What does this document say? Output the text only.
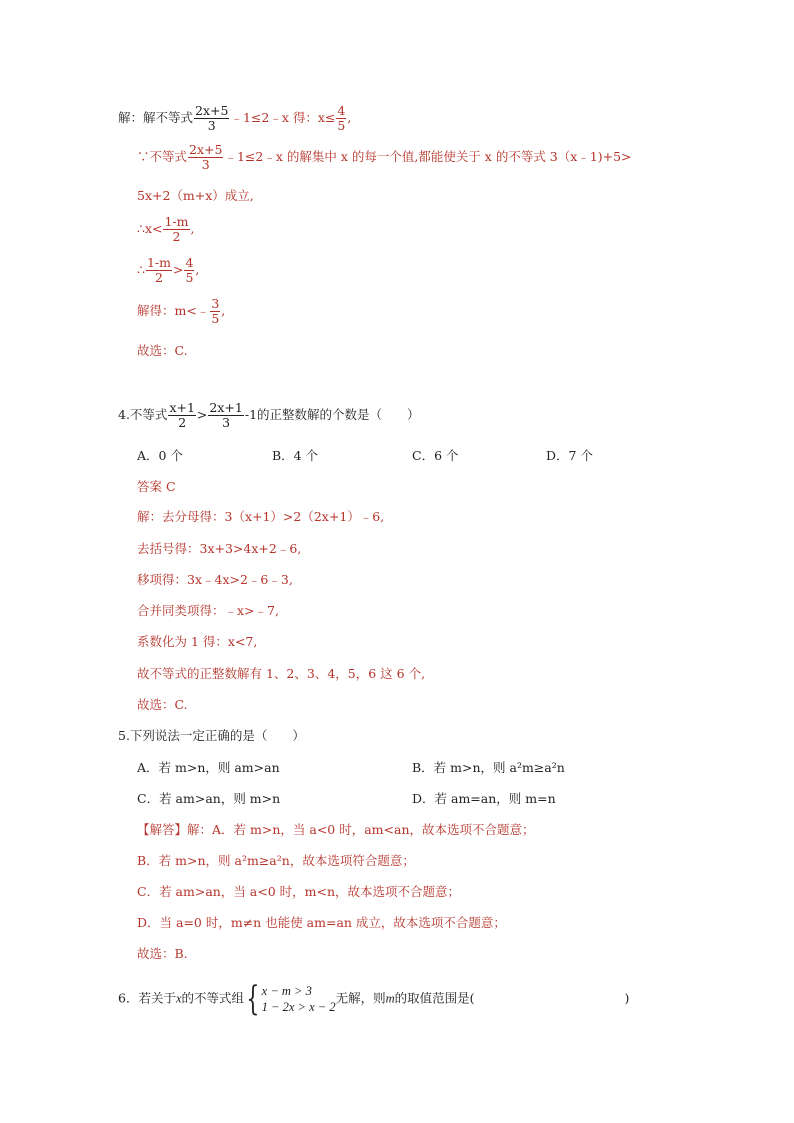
解：解不等式 $\frac{2x+5}{3}$ ﹣1≤2﹣x 得：$x\le \frac{4}{5}$ ,
∵不等式 $\frac{2x+5}{3}$ ﹣1≤2﹣x 的解集中 x 的每一个值,都能使关于 x 的不等式 3（x﹣1)+5>
5x+2（m+x）成立,
∴x< $\frac{1-m}{2}$ ,
∴ $\frac{1-m}{2} > \frac{4}{5}$ ,
解得：m<﹣ $\frac{3}{5}$ ,
故选：C.
4.不等式 $\frac{x+1}{2} > \frac{2x+1}{3} -1$的正整数解的个数是（　　）
A．0 个	B．4 个	C．6 个	D．7 个
答案 C
解：去分母得：3（x+1）>2（2x+1）﹣6,
去括号得：3x+3>4x+2﹣6,
移项得：3x﹣4x>2﹣6﹣3,
合并同类项得：﹣x>﹣7,
系数化为 1 得：x<7,
故不等式的正整数解有 1、2、3、4，5，6 这 6 个,
故选：C.
5.下列说法一定正确的是（　　）
A．若 m>n，则 am>an	B．若 m>n，则 a²m≥a²n
C．若 am>an，则 m>n	D．若 am=an，则 m=n
【解答】解：A．若 m>n，当 a<0 时，am<an，故本选项不合题意；
B．若 m>n，则 a²m≥a²n，故本选项符合题意；
C．若 am>an，当 a<0 时，m<n，故本选项不合题意；
D．当 a=0 时，m≠n 也能使 am=an 成立，故本选项不合题意；
故选：B.
6．若关于x的不等式组{ x − m > 3
1 − 2x > x − 2
无解，则m的取值范围是(　　　　　　　　　　　　)
